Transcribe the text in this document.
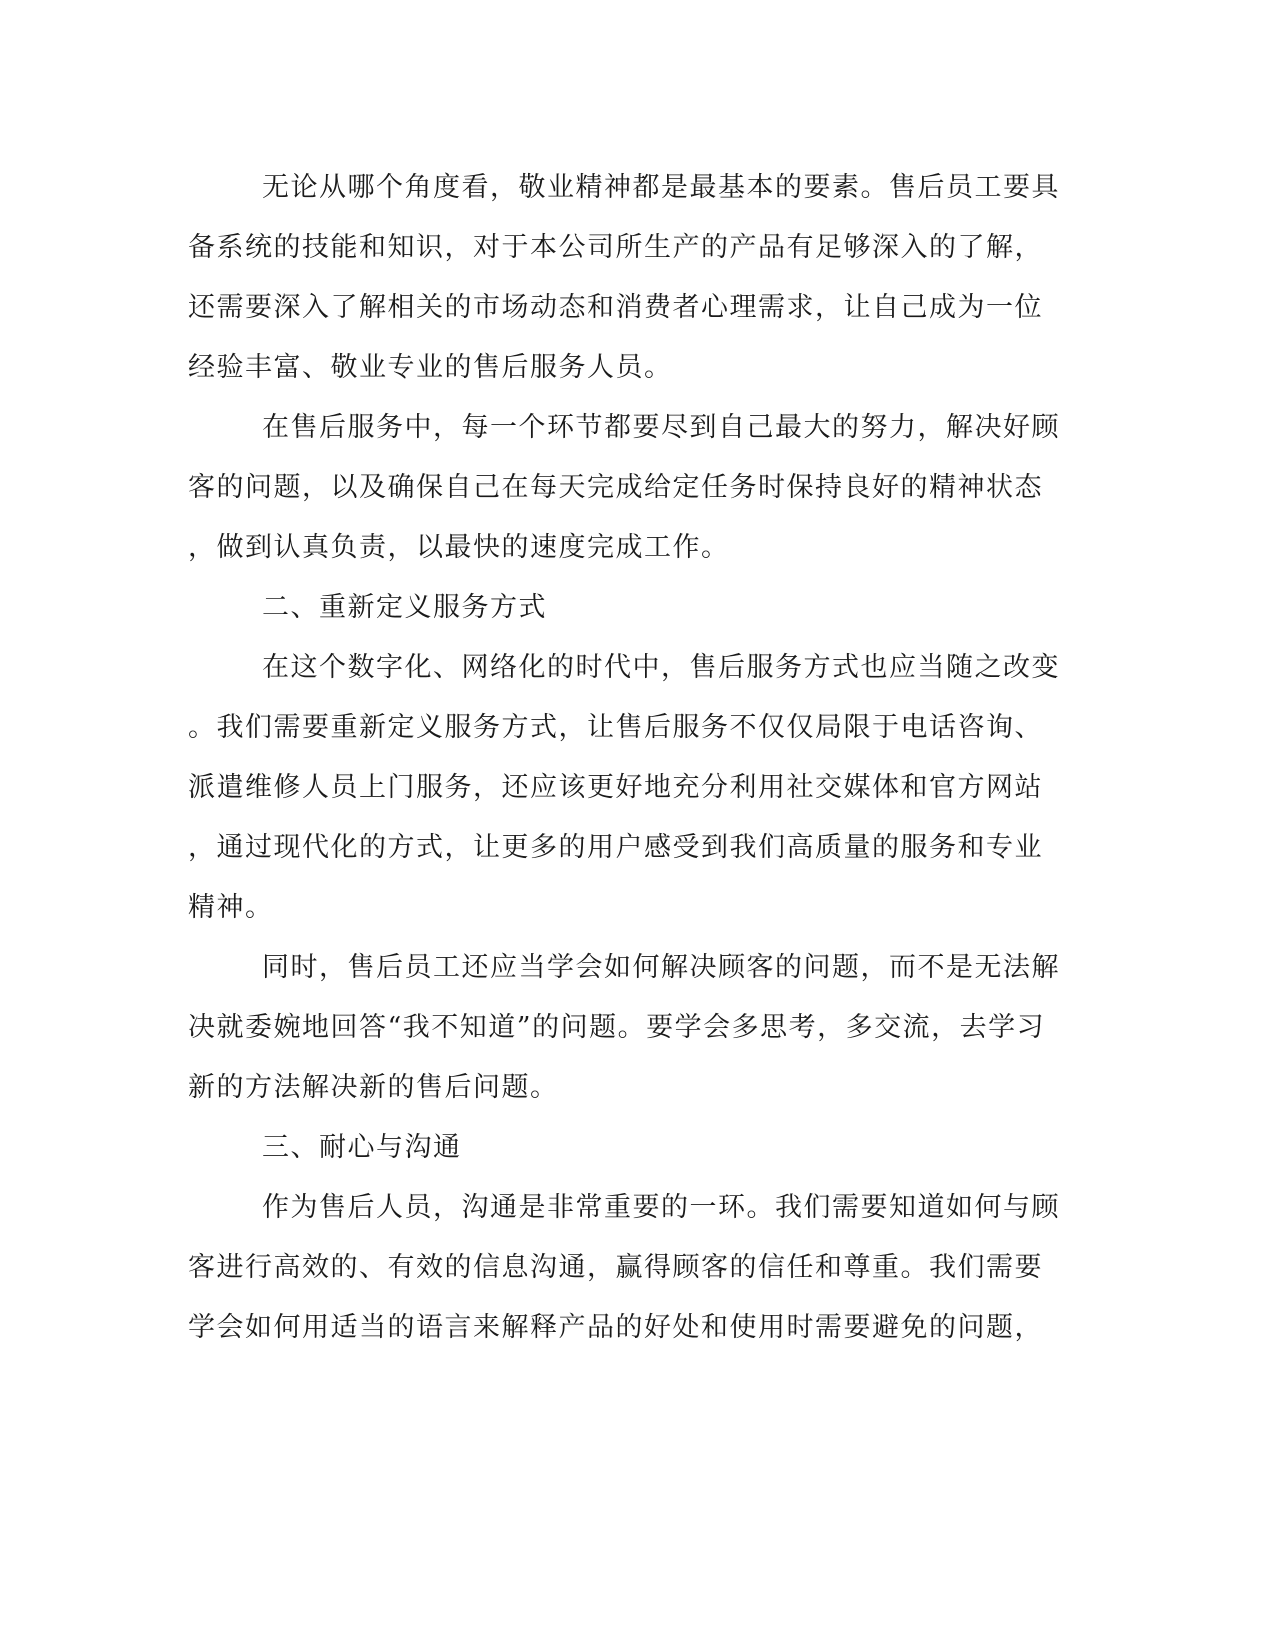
无论从哪个角度看，敬业精神都是最基本的要素。售后员工要具
备系统的技能和知识，对于本公司所生产的产品有足够深入的了解，
还需要深入了解相关的市场动态和消费者心理需求，让自己成为一位
经验丰富、敬业专业的售后服务人员。
在售后服务中，每一个环节都要尽到自己最大的努力，解决好顾
客的问题，以及确保自己在每天完成给定任务时保持良好的精神状态
，做到认真负责，以最快的速度完成工作。
二、重新定义服务方式
在这个数字化、网络化的时代中，售后服务方式也应当随之改变
。我们需要重新定义服务方式，让售后服务不仅仅局限于电话咨询、
派遣维修人员上门服务，还应该更好地充分利用社交媒体和官方网站
，通过现代化的方式，让更多的用户感受到我们高质量的服务和专业
精神。
同时，售后员工还应当学会如何解决顾客的问题，而不是无法解
决就委婉地回答“我不知道”的问题。要学会多思考，多交流，去学习
新的方法解决新的售后问题。
三、耐心与沟通
作为售后人员，沟通是非常重要的一环。我们需要知道如何与顾
客进行高效的、有效的信息沟通，赢得顾客的信任和尊重。我们需要
学会如何用适当的语言来解释产品的好处和使用时需要避免的问题，
